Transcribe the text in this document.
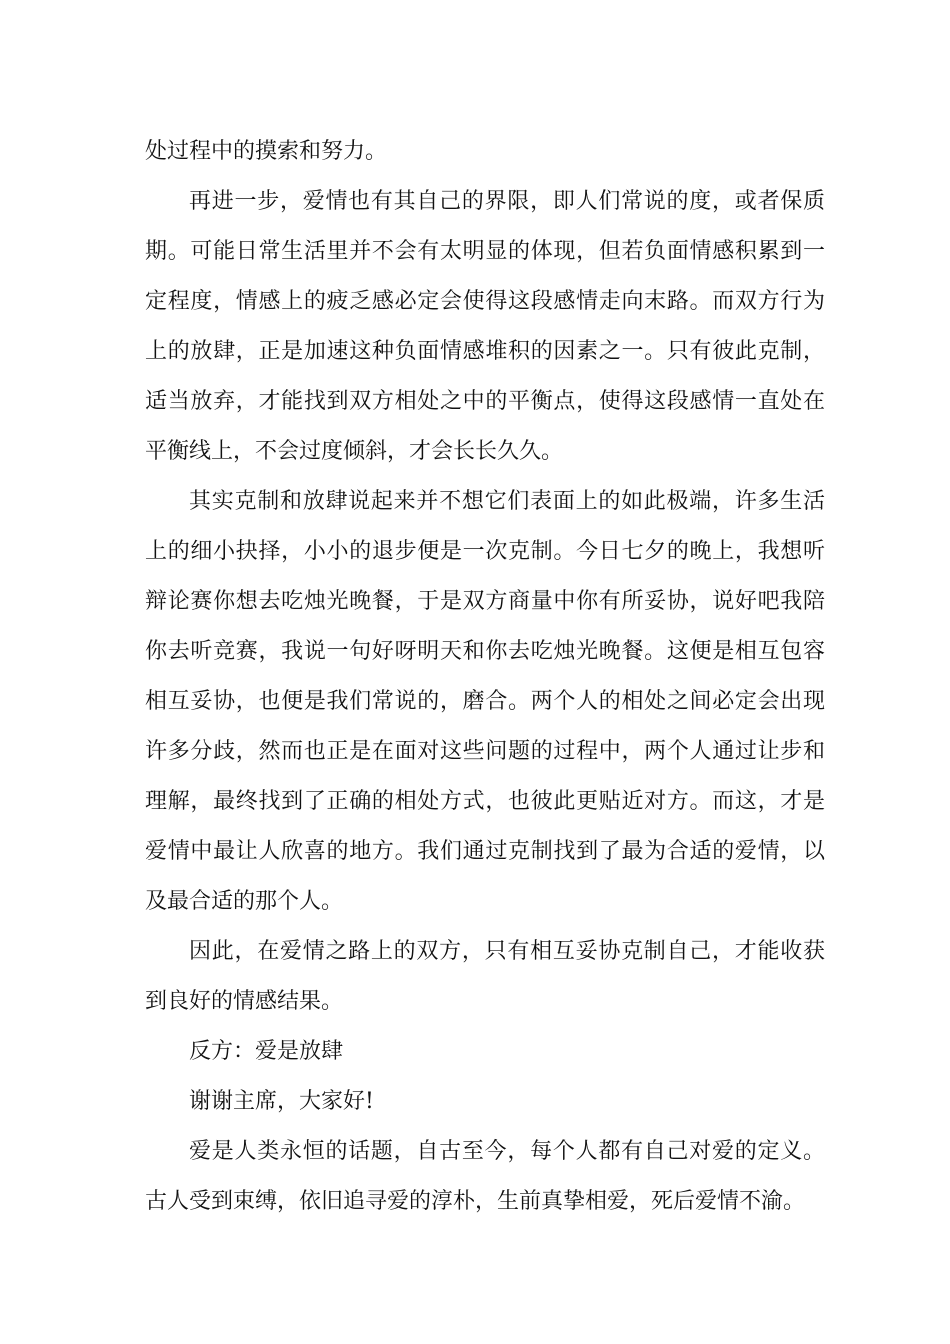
处过程中的摸索和努力。

再进一步，爱情也有其自己的界限，即人们常说的度，或者保质期。可能日常生活里并不会有太明显的体现，但若负面情感积累到一定程度，情感上的疲乏感必定会使得这段感情走向末路。而双方行为上的放肆，正是加速这种负面情感堆积的因素之一。只有彼此克制，适当放弃，才能找到双方相处之中的平衡点，使得这段感情一直处在平衡线上，不会过度倾斜，才会长长久久。

其实克制和放肆说起来并不想它们表面上的如此极端，许多生活上的细小抉择，小小的退步便是一次克制。今日七夕的晚上，我想听辩论赛你想去吃烛光晚餐，于是双方商量中你有所妥协，说好吧我陪你去听竞赛，我说一句好呀明天和你去吃烛光晚餐。这便是相互包容相互妥协，也便是我们常说的，磨合。两个人的相处之间必定会出现许多分歧，然而也正是在面对这些问题的过程中，两个人通过让步和理解，最终找到了正确的相处方式，也彼此更贴近对方。而这，才是爱情中最让人欣喜的地方。我们通过克制找到了最为合适的爱情，以及最合适的那个人。

因此，在爱情之路上的双方，只有相互妥协克制自己，才能收获到良好的情感结果。

反方：爱是放肆

谢谢主席，大家好!

爱是人类永恒的话题，自古至今，每个人都有自己对爱的定义。古人受到束缚，依旧追寻爱的淳朴，生前真挚相爱，死后爱情不渝。
